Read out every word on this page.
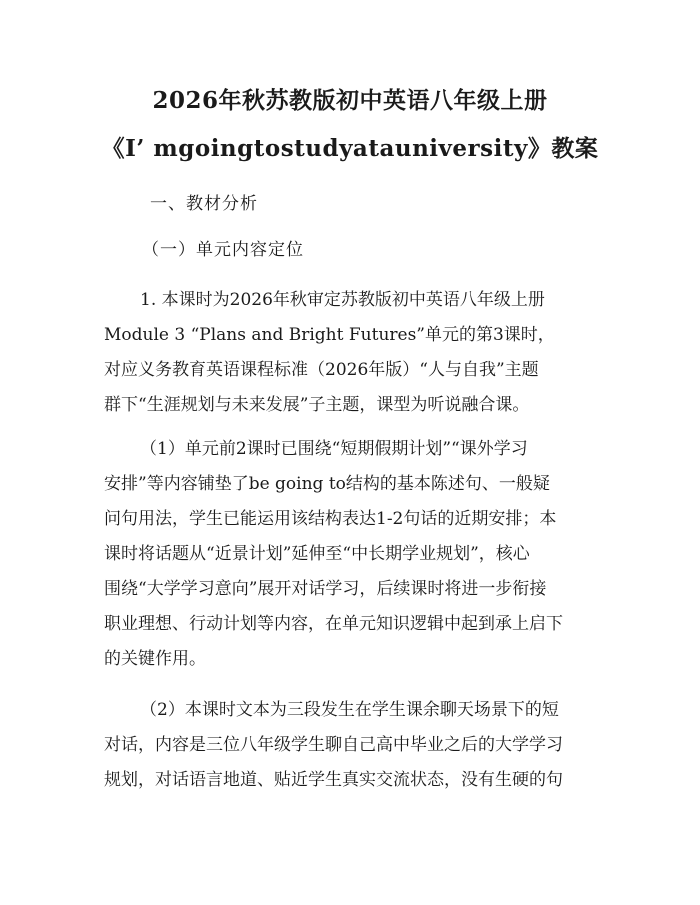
2026年秋苏教版初中英语八年级上册
《I’ mgoingtostudyatauniversity》教案
一、教材分析
（一）单元内容定位
1. 本课时为2026年秋审定苏教版初中英语八年级上册
Module 3 “Plans and Bright Futures”单元的第3课时，
对应义务教育英语课程标准（2026年版）“人与自我”主题
群下“生涯规划与未来发展”子主题，课型为听说融合课。
（1）单元前2课时已围绕“短期假期计划”“课外学习
安排”等内容铺垫了be going to结构的基本陈述句、一般疑
问句用法，学生已能运用该结构表达1-2句话的近期安排；本
课时将话题从“近景计划”延伸至“中长期学业规划”，核心
围绕“大学学习意向”展开对话学习，后续课时将进一步衔接
职业理想、行动计划等内容，在单元知识逻辑中起到承上启下
的关键作用。
（2）本课时文本为三段发生在学生课余聊天场景下的短
对话，内容是三位八年级学生聊自己高中毕业之后的大学学习
规划，对话语言地道、贴近学生真实交流状态，没有生硬的句
